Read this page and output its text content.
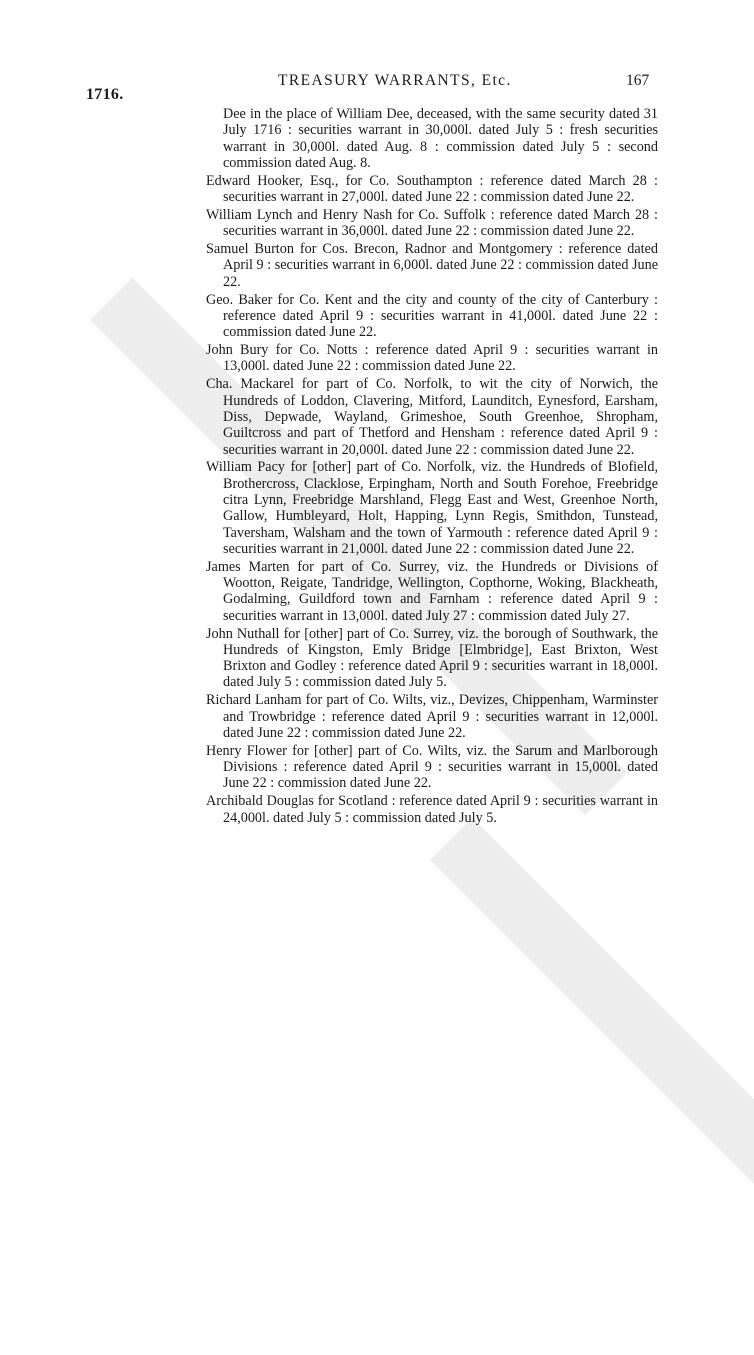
1716.
TREASURY WARRANTS, Etc.	167

Dee in the place of William Dee, deceased, with the same security dated 31 July 1716 : securities warrant in 30,000l. dated July 5 : fresh securities warrant in 30,000l. dated Aug. 8 : commission dated July 5 : second commission dated Aug. 8.

Edward Hooker, Esq., for Co. Southampton : reference dated March 28 : securities warrant in 27,000l. dated June 22 : commission dated June 22.

William Lynch and Henry Nash for Co. Suffolk : reference dated March 28 : securities warrant in 36,000l. dated June 22 : commission dated June 22.

Samuel Burton for Cos. Brecon, Radnor and Montgomery : reference dated April 9 : securities warrant in 6,000l. dated June 22 : commission dated June 22.

Geo. Baker for Co. Kent and the city and county of the city of Canterbury : reference dated April 9 : securities warrant in 41,000l. dated June 22 : commission dated June 22.

John Bury for Co. Notts : reference dated April 9 : securities warrant in 13,000l. dated June 22 : commission dated June 22.

Cha. Mackarel for part of Co. Norfolk, to wit the city of Norwich, the Hundreds of Loddon, Clavering, Mitford, Launditch, Eynesford, Earsham, Diss, Depwade, Wayland, Grimeshoe, South Greenhoe, Shropham, Guiltcross and part of Thetford and Hensham : reference dated April 9 : securities warrant in 20,000l. dated June 22 : commission dated June 22.

William Pacy for [other] part of Co. Norfolk, viz. the Hundreds of Blofield, Brothercross, Clacklose, Erpingham, North and South Forehoe, Freebridge citra Lynn, Freebridge Marshland, Flegg East and West, Greenhoe North, Gallow, Humbleyard, Holt, Happing, Lynn Regis, Smithdon, Tunstead, Taversham, Walsham and the town of Yarmouth : reference dated April 9 : securities warrant in 21,000l. dated June 22 : commission dated June 22.

James Marten for part of Co. Surrey, viz. the Hundreds or Divisions of Wootton, Reigate, Tandridge, Wellington, Copthorne, Woking, Blackheath, Godalming, Guildford town and Farnham : reference dated April 9 : securities warrant in 13,000l. dated July 27 : commission dated July 27.

John Nuthall for [other] part of Co. Surrey, viz. the borough of Southwark, the Hundreds of Kingston, Emly Bridge [Elmbridge], East Brixton, West Brixton and Godley : reference dated April 9 : securities warrant in 18,000l. dated July 5 : commission dated July 5.

Richard Lanham for part of Co. Wilts, viz., Devizes, Chippenham, Warminster and Trowbridge : reference dated April 9 : securities warrant in 12,000l. dated June 22 : commission dated June 22.

Henry Flower for [other] part of Co. Wilts, viz. the Sarum and Marlborough Divisions : reference dated April 9 : securities warrant in 15,000l. dated June 22 : commission dated June 22.

Archibald Douglas for Scotland : reference dated April 9 : securities warrant in 24,000l. dated July 5 : commission dated July 5.
